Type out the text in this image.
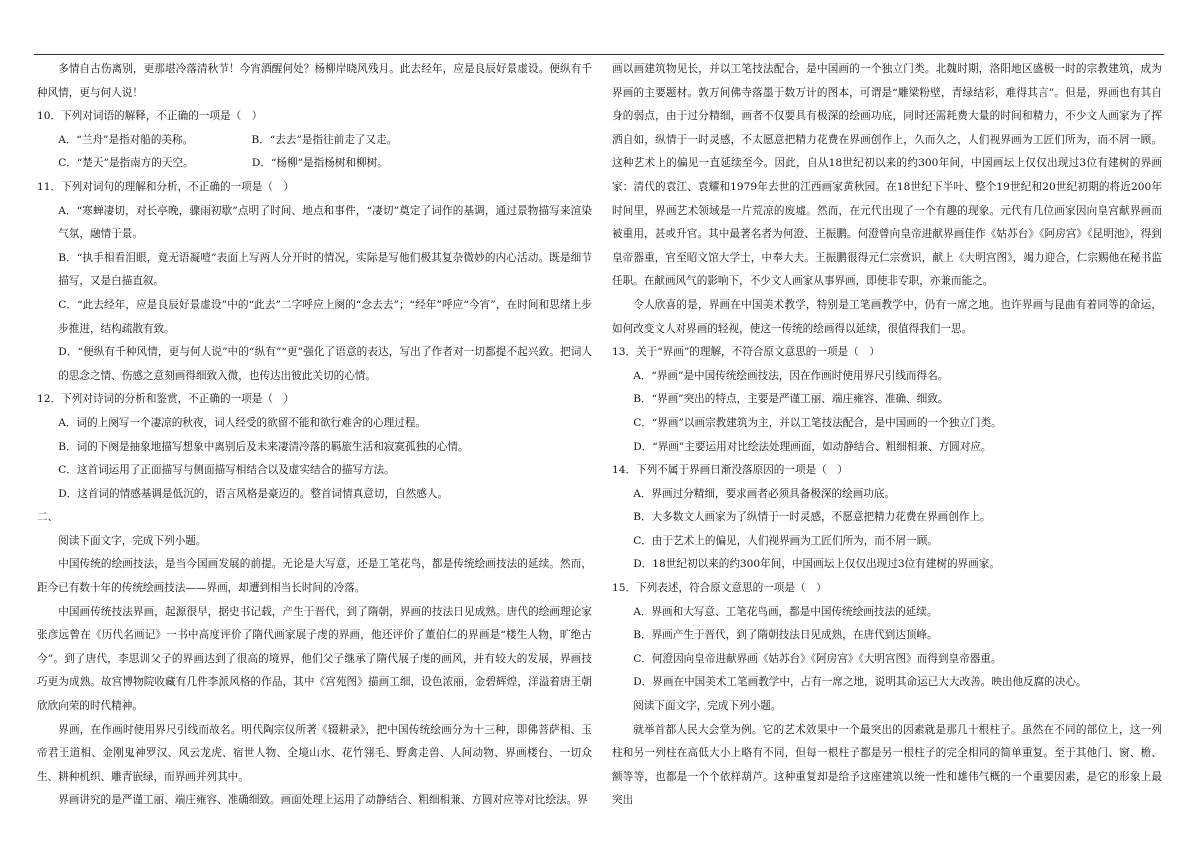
多情自古伤离别，更那堪冷落清秋节！今宵酒醒何处？杨柳岸晓风残月。此去经年，应是良辰好景虚设。便纵有千种风情，更与何人说！

10．下列对词语的解释，不正确的一项是（　）

A．“兰舟”是指对船的美称。　　　　　　B．“去去”是指往前走了又走。

C．“楚天”是指南方的天空。　　　　　　D．“杨柳”是指杨树和柳树。

11．下列对词句的理解和分析，不正确的一项是（　）

A．“寒蝉凄切，对长亭晚，骤雨初歇”点明了时间、地点和事件，“凄切”奠定了词作的基调，通过景物描写来渲染气氛，融情于景。

B．“执手相看泪眼，竟无语凝噎”表面上写两人分开时的情况，实际是写他们极其复杂微妙的内心活动。既是细节描写，又是白描直叙。

C．“此去经年，应是良辰好景虚设”中的“此去”二字呼应上阕的“念去去”；“经年”呼应“今宵”，在时间和思绪上步步推进，结构疏散有致。

D．“便纵有千种风情，更与何人说”中的“纵有”“更”强化了语意的表达，写出了作者对一切都提不起兴致。把词人的思念之情、伤感之意刻画得细致入微，也传达出彼此关切的心情。

12．下列对诗词的分析和鉴赏，不正确的一项是（　）

A．词的上阕写一个凄凉的秋夜，词人经受的欲留不能和欲行难舍的心理过程。

B．词的下阕是抽象地描写想象中离别后及未来凄清冷落的羁旅生活和寂寞孤独的心情。

C．这首词运用了正面描写与侧面描写相结合以及虚实结合的描写方法。

D．这首词的情感基调是低沉的，语言风格是豪迈的。整首词情真意切，自然感人。

二、

阅读下面文字，完成下列小题。

中国传统的绘画技法，是当今国画发展的前提。无论是大写意，还是工笔花鸟，都是传统绘画技法的延续。然而，距今已有数十年的传统绘画技法——界画，却遭到相当长时间的冷落。

中国画传统技法界画，起源很早，据史书记载，产生于晋代，到了隋朝，界画的技法日见成熟。唐代的绘画理论家张彦远曾在《历代名画记》一书中高度评价了隋代画家展子虔的界画，他还评价了董伯仁的界画是“楼生人物，旷绝古今”。到了唐代，李思训父子的界画达到了很高的境界，他们父子继承了隋代展子虔的画风，并有较大的发展，界画技巧更为成熟。故宫博物院收藏有几件李派风格的作品，其中《宫苑图》描画工细，设色浓丽，金碧辉煌，洋溢着唐王朝欣欣向荣的时代精神。

界画，在作画时使用界尺引线而故名。明代陶宗仪所著《辍耕录》，把中国传统绘画分为十三种，即佛菩萨相、玉帝君王道相、金刚鬼神罗汉、风云龙虎、宿世人物、全境山水、花竹翎毛、野禽走兽、人间动物、界画楼台、一切众生、耕种机织、雕青嵌绿，而界画并列其中。

界画讲究的是严谨工丽、端庄雍容、准确细致。画面处理上运用了动静结合、粗细相兼、方圆对应等对比绘法。界

画以画建筑物见长，并以工笔技法配合，是中国画的一个独立门类。北魏时期，洛阳地区盛极一时的宗教建筑，成为界画的主要题材。敦万间佛寺落墨于数万计的图本，可谓是“雕梁粉壁，青绿结彩，难得其言”。但是，界画也有其自身的弱点，由于过分精细，画者不仅要具有极深的绘画功底，同时还需耗费大量的时间和精力，不少文人画家为了挥洒自如，纵情于一时灵感，不太愿意把精力花费在界画创作上，久而久之，人们视界画为工匠们所为，而不屑一顾。这种艺术上的偏见一直延续至今。因此，自从18世纪初以来的约300年间，中国画坛上仅仅出现过3位有建树的界画家：清代的袁江、袁耀和1979年去世的江西画家黄秋园。在18世纪下半叶、整个19世纪和20世纪初期的将近200年时间里，界画艺术领域是一片荒凉的废墟。然而，在元代出现了一个有趣的现象。元代有几位画家因向皇宫献界画而被重用，甚或升官。其中最著名者为何澄、王振鹏。何澄曾向皇帝进献界画佳作《姑苏台》《阿房宫》《昆明池》，得到皇帝器重，官至昭文馆大学士，中奉大夫。王振鹏很得元仁宗赏识，献上《大明宫图》，竭力迎合，仁宗赐他在秘书监任职。在献画风气的影响下，不少文人画家从事界画，即使非专职，亦兼而能之。

令人欣喜的是，界画在中国美术教学，特别是工笔画教学中，仍有一席之地。也许界画与昆曲有着同等的命运，如何改变文人对界画的轻视，使这一传统的绘画得以延续，很值得我们一思。

13．关于“界画”的理解，不符合原文意思的一项是（　）

A．“界画”是中国传统绘画技法，因在作画时使用界尺引线而得名。

B．“界画”突出的特点，主要是严谨工丽、端庄雍容、准确、细致。

C．“界画”以画宗教建筑为主，并以工笔技法配合，是中国画的一个独立门类。

D．“界画”主要运用对比绘法处理画面，如动静结合、粗细相兼、方圆对应。

14．下列不属于界画日渐没落原因的一项是（　）

A．界画过分精细，要求画者必须具备极深的绘画功底。

B．大多数文人画家为了纵情于一时灵感，不愿意把精力花费在界画创作上。

C．由于艺术上的偏见，人们视界画为工匠们所为，而不屑一顾。

D．18世纪初以来的约300年间，中国画坛上仅仅出现过3位有建树的界画家。

15．下列表述，符合原文意思的一项是（　）

A．界画和大写意、工笔花鸟画，都是中国传统绘画技法的延续。

B．界画产生于晋代，到了隋朝技法日见成熟，在唐代到达顶峰。

C．何澄因向皇帝进献界画《姑苏台》《阿房宫》《大明宫图》而得到皇帝器重。

D．界画在中国美术工笔画教学中，占有一席之地，说明其命运已大大改善。映出他反腐的决心。

阅读下面文字，完成下列小题。

就举首都人民大会堂为例。它的艺术效果中一个最突出的因素就是那几十根柱子。虽然在不同的部位上，这一列柱和另一列柱在高低大小上略有不同，但每一根柱子都是另一根柱子的完全相同的简单重复。至于其他门、窗、檐、额等等，也都是一个个依样葫芦。这种重复却是给予这座建筑以统一性和雄伟气概的一个重要因素，是它的形象上最突出
